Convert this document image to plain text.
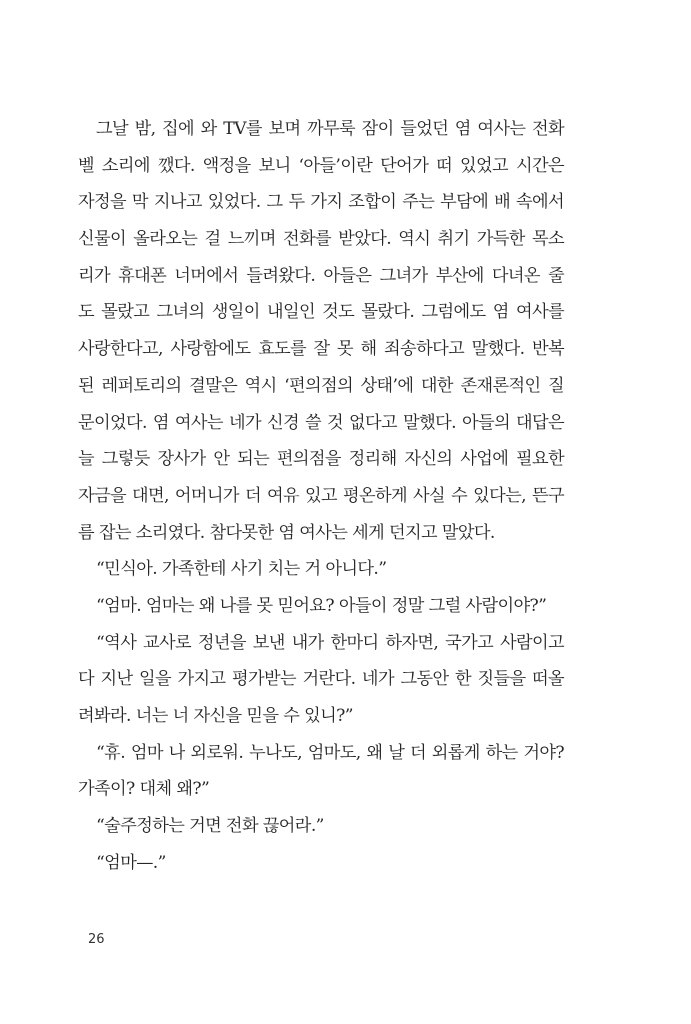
그날 밤, 집에 와 TV를 보며 까무룩 잠이 들었던 염 여사는 전화
벨 소리에 깼다. 액정을 보니 ‘아들’이란 단어가 떠 있었고 시간은
자정을 막 지나고 있었다. 그 두 가지 조합이 주는 부담에 배 속에서
신물이 올라오는 걸 느끼며 전화를 받았다. 역시 취기 가득한 목소
리가 휴대폰 너머에서 들려왔다. 아들은 그녀가 부산에 다녀온 줄
도 몰랐고 그녀의 생일이 내일인 것도 몰랐다. 그럼에도 염 여사를
사랑한다고, 사랑함에도 효도를 잘 못 해 죄송하다고 말했다. 반복
된 레퍼토리의 결말은 역시 ‘편의점의 상태’에 대한 존재론적인 질
문이었다. 염 여사는 네가 신경 쓸 것 없다고 말했다. 아들의 대답은
늘 그렇듯 장사가 안 되는 편의점을 정리해 자신의 사업에 필요한
자금을 대면, 어머니가 더 여유 있고 평온하게 사실 수 있다는, 뜬구
름 잡는 소리였다. 참다못한 염 여사는 세게 던지고 말았다.
“민식아. 가족한테 사기 치는 거 아니다.”
“엄마. 엄마는 왜 나를 못 믿어요? 아들이 정말 그럴 사람이야?”
“역사 교사로 정년을 보낸 내가 한마디 하자면, 국가고 사람이고
다 지난 일을 가지고 평가받는 거란다. 네가 그동안 한 짓들을 떠올
려봐라. 너는 너 자신을 믿을 수 있니?”
“휴. 엄마 나 외로워. 누나도, 엄마도, 왜 날 더 외롭게 하는 거야?
가족이? 대체 왜?”
“술주정하는 거면 전화 끊어라.”
“엄마—.”
26
